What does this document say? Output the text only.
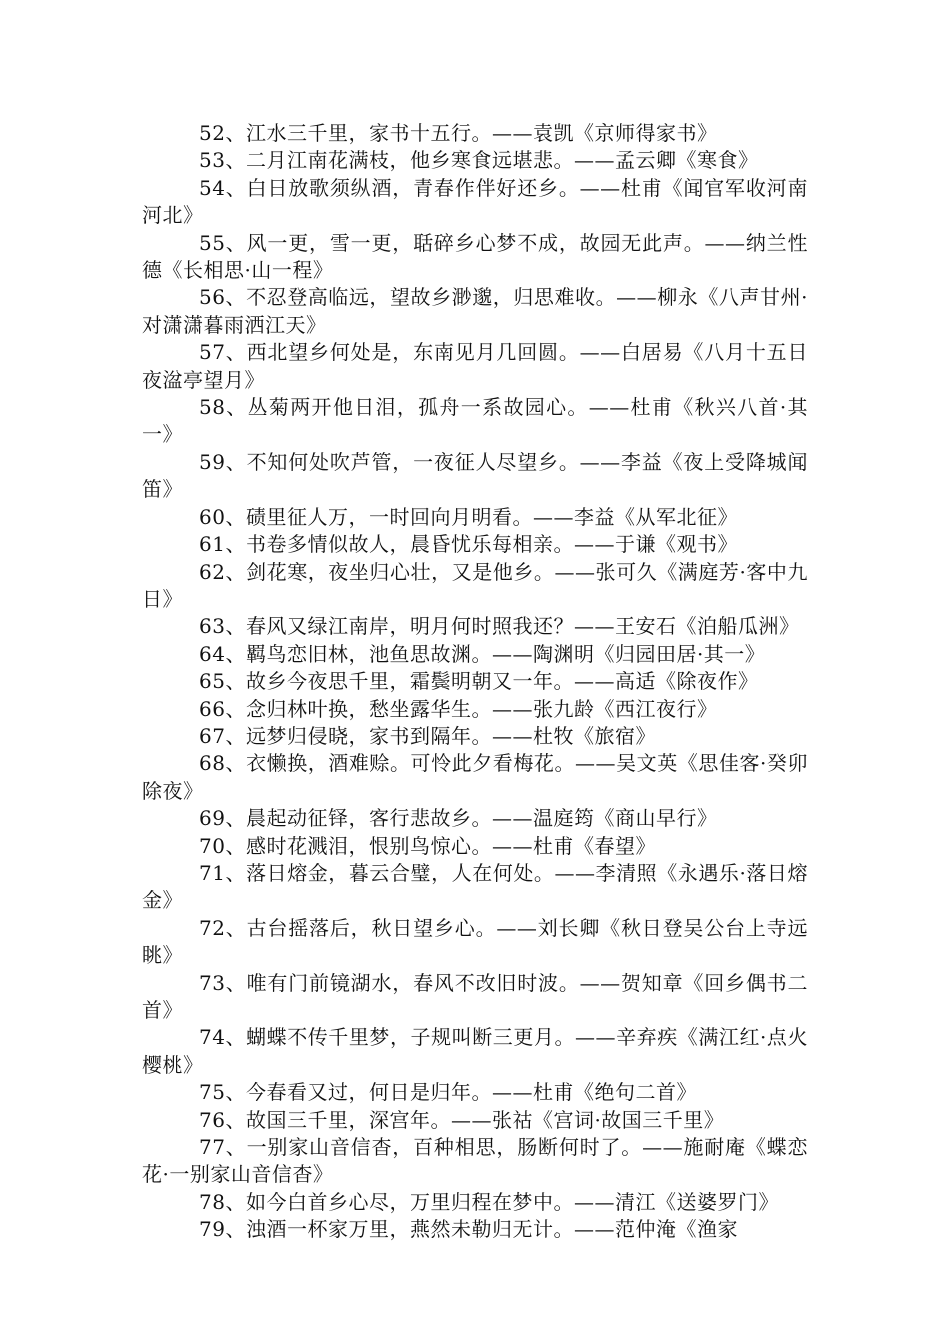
52、江水三千里，家书十五行。——袁凯《京师得家书》

53、二月江南花满枝，他乡寒食远堪悲。——孟云卿《寒食》

54、白日放歌须纵酒，青春作伴好还乡。——杜甫《闻官军收河南河北》

55、风一更，雪一更，聒碎乡心梦不成，故园无此声。——纳兰性德《长相思·山一程》

56、不忍登高临远，望故乡渺邈，归思难收。——柳永《八声甘州·对潇潇暮雨洒江天》

57、西北望乡何处是，东南见月几回圆。——白居易《八月十五日夜湓亭望月》

58、丛菊两开他日泪，孤舟一系故园心。——杜甫《秋兴八首·其一》

59、不知何处吹芦管，一夜征人尽望乡。——李益《夜上受降城闻笛》

60、碛里征人万，一时回向月明看。——李益《从军北征》

61、书卷多情似故人，晨昏忧乐每相亲。——于谦《观书》

62、剑花寒，夜坐归心壮，又是他乡。——张可久《满庭芳·客中九日》

63、春风又绿江南岸，明月何时照我还？——王安石《泊船瓜洲》

64、羁鸟恋旧林，池鱼思故渊。——陶渊明《归园田居·其一》

65、故乡今夜思千里，霜鬓明朝又一年。——高适《除夜作》

66、念归林叶换，愁坐露华生。——张九龄《西江夜行》

67、远梦归侵晓，家书到隔年。——杜牧《旅宿》

68、衣懒换，酒难赊。可怜此夕看梅花。——吴文英《思佳客·癸卯除夜》

69、晨起动征铎，客行悲故乡。——温庭筠《商山早行》

70、感时花溅泪，恨别鸟惊心。——杜甫《春望》

71、落日熔金，暮云合璧，人在何处。——李清照《永遇乐·落日熔金》

72、古台摇落后，秋日望乡心。——刘长卿《秋日登吴公台上寺远眺》

73、唯有门前镜湖水，春风不改旧时波。——贺知章《回乡偶书二首》

74、蝴蝶不传千里梦，子规叫断三更月。——辛弃疾《满江红·点火樱桃》

75、今春看又过，何日是归年。——杜甫《绝句二首》

76、故国三千里，深宫年。——张祜《宫词·故国三千里》

77、一别家山音信杳，百种相思，肠断何时了。——施耐庵《蝶恋花·一别家山音信杳》

78、如今白首乡心尽，万里归程在梦中。——清江《送婆罗门》

79、浊酒一杯家万里，燕然未勒归无计。——范仲淹《渔家
